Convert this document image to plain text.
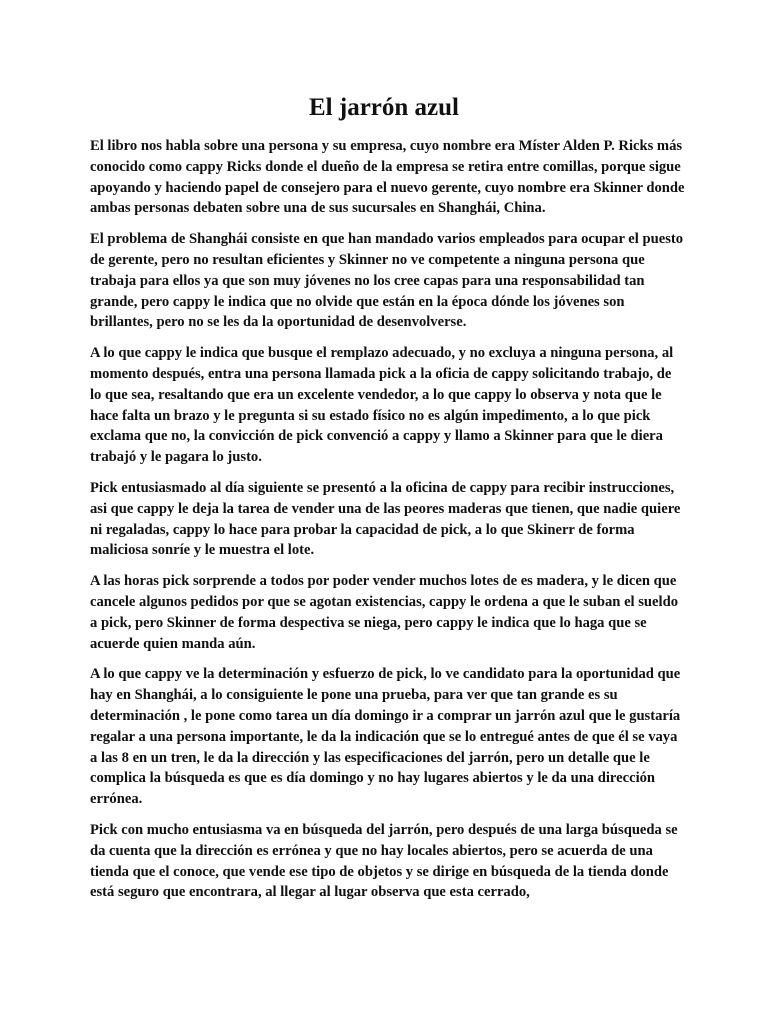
El jarrón azul

El libro nos habla sobre una persona y su empresa, cuyo nombre era Míster Alden P. Ricks más conocido como cappy Ricks donde el dueño de la empresa se retira entre comillas, porque sigue apoyando y haciendo papel de consejero para el nuevo gerente, cuyo nombre era Skinner donde ambas personas debaten sobre una de sus sucursales en Shanghái, China.

El problema de Shanghái consiste en que han mandado varios empleados para ocupar el puesto de gerente, pero no resultan eficientes y Skinner no ve competente a ninguna persona que trabaja para ellos ya que son muy jóvenes no los cree capas para una responsabilidad tan grande, pero cappy le indica que no olvide que están en la época dónde los jóvenes son brillantes, pero no se les da la oportunidad de desenvolverse.

A lo que cappy le indica que busque el remplazo adecuado, y no excluya a ninguna persona, al momento después, entra una persona llamada pick a la oficia de cappy solicitando trabajo, de lo que sea, resaltando que era un excelente vendedor, a lo que cappy lo observa y nota que le hace falta un brazo y le pregunta si su estado físico no es algún impedimento, a lo que pick exclama que no, la convicción de pick convenció a cappy y llamo a Skinner para que le diera trabajó y le pagara lo justo.

Pick entusiasmado al día siguiente se presentó a la oficina de cappy para recibir instrucciones, asi que cappy le deja la tarea de vender una de las peores maderas que tienen, que nadie quiere ni regaladas, cappy lo hace para probar la capacidad de pick, a lo que Skinerr de forma maliciosa sonríe y le muestra el lote.

A las horas pick sorprende a todos por poder vender muchos lotes de es madera, y le dicen que cancele algunos pedidos por que se agotan existencias, cappy le ordena a que le suban el sueldo a pick, pero Skinner de forma despectiva se niega, pero cappy le indica que lo haga que se acuerde quien manda aún.

A lo que cappy ve la determinación y esfuerzo de pick, lo ve candidato para la oportunidad que hay en Shanghái, a lo consiguiente le pone una prueba, para ver que tan grande es su determinación , le pone como tarea un día domingo ir a comprar un jarrón azul que le gustaría regalar a una persona importante, le da la indicación que se lo entregué antes de que él se vaya a las 8 en un tren, le da la dirección y las especificaciones del jarrón, pero un detalle que le complica la búsqueda es que es día domingo y no hay lugares abiertos y le da una dirección errónea.

Pick con mucho entusiasma va en búsqueda del jarrón, pero después de una larga búsqueda se da cuenta que la dirección es errónea y que no hay locales abiertos, pero se acuerda de una tienda que el conoce, que vende ese tipo de objetos y se dirige en búsqueda de la tienda donde está seguro que encontrara, al llegar al lugar observa que esta cerrado,
